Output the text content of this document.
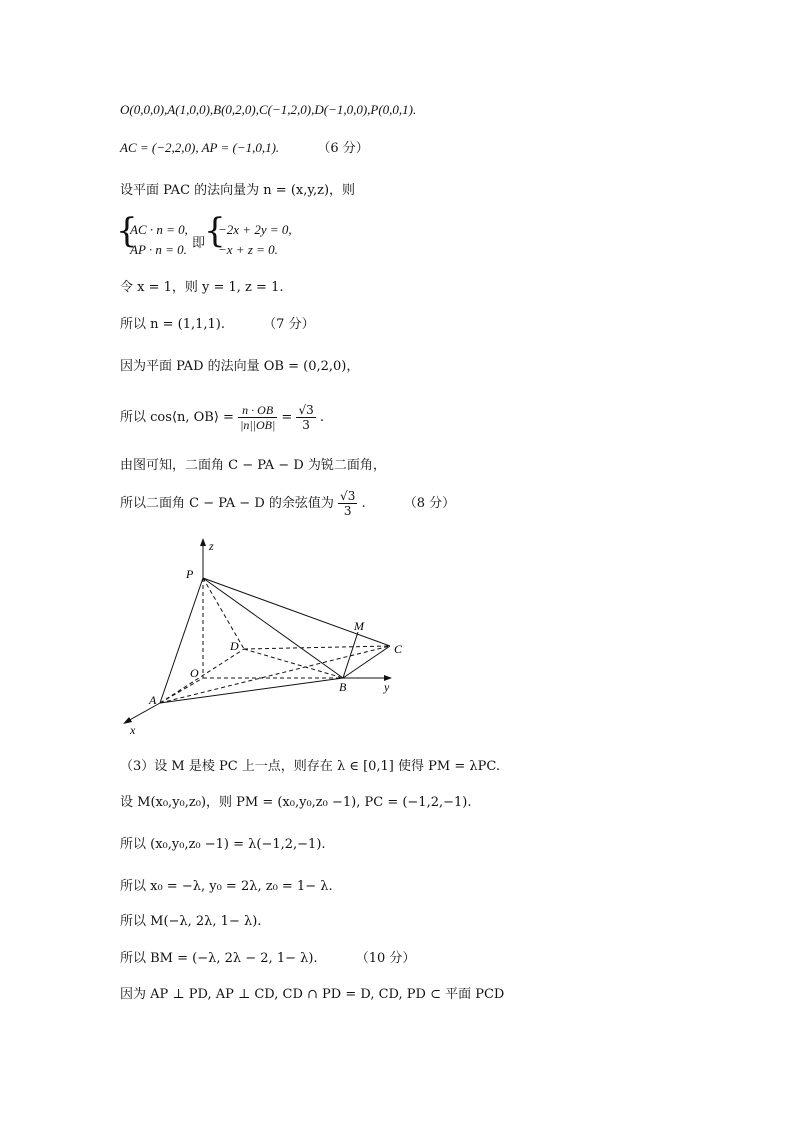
O(0,0,0),A(1,0,0),B(0,2,0),C(−1,2,0),D(−1,0,0),P(0,0,1).
AC = (−2,2,0), AP = (−1,0,1).	（6 分）
设平面 PAC 的法向量为 n = (x,y,z)，则
{
AC · n = 0,
AP · n = 0. 即
{
−2x + 2y = 0,
−x + z = 0.
令 x = 1，则 y = 1, z = 1.
所以 n = (1,1,1).	（7 分）
因为平面 PAD 的法向量 OB = (0,2,0)，
所以 cos⟨n, OB⟩ = $\frac{n \cdot OB}{|n||OB|} = \frac{√3}{3}$ .
由图可知，二面角 C − PA − D 为锐二面角，
所以二面角 C − PA − D 的余弦值为 $\frac{√3}{3}$ .	（8 分）
z
P
D
O
A
x
B	y
C
M
（3）设 M 是棱 PC 上一点，则存在 λ ∈ [0,1] 使得 PM = λPC.
设 M(x₀,y₀,z₀)，则 PM = (x₀,y₀,z₀ −1), PC = (−1,2,−1).
所以 (x₀,y₀,z₀ −1) = λ(−1,2,−1).
所以 x₀ = −λ, y₀ = 2λ, z₀ = 1− λ.
所以 M(−λ, 2λ, 1− λ).
所以 BM = (−λ, 2λ − 2, 1− λ).	（10 分）
因为 AP ⊥ PD, AP ⊥ CD, CD ∩ PD = D, CD, PD ⊂ 平面 PCD
